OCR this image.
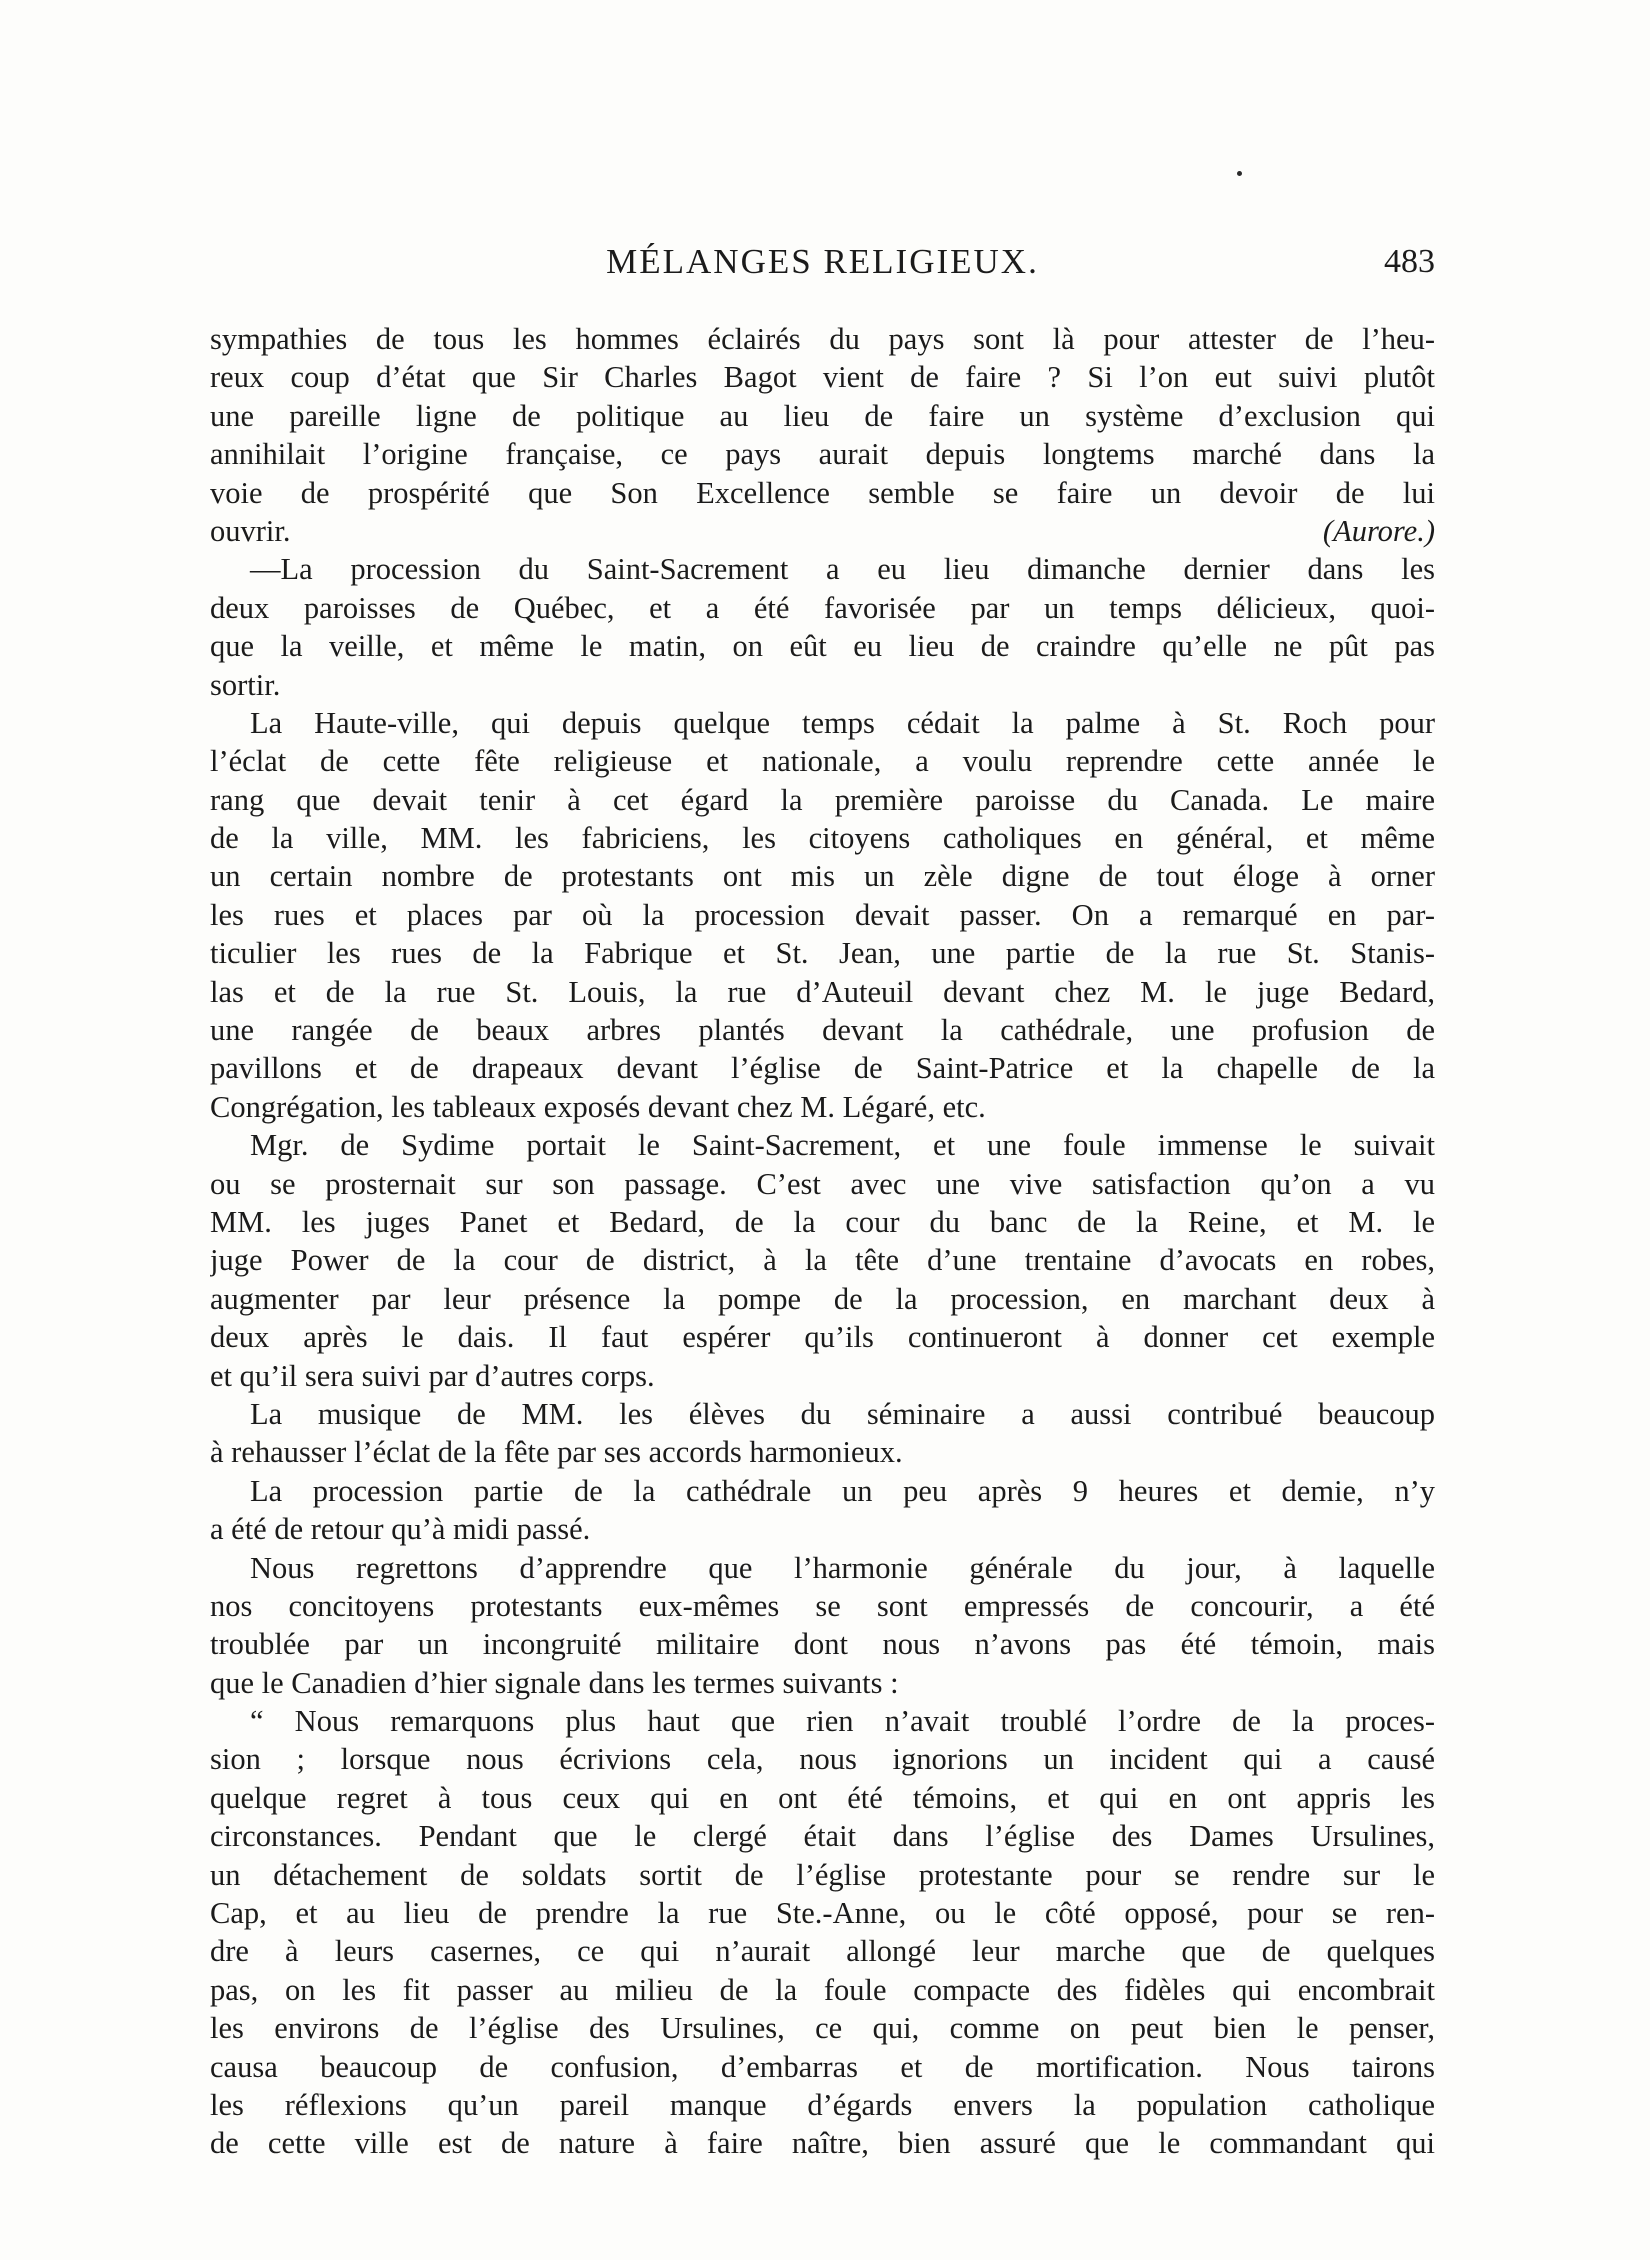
MÉLANGES RELIGIEUX.	483
sympathies de tous les hommes éclairés du pays sont là pour attester de l’heu-
reux coup d’état que Sir Charles Bagot vient de faire ? Si l’on eut suivi plutôt
une pareille ligne de politique au lieu de faire un système d’exclusion qui
annihilait l’origine française, ce pays aurait depuis longtems marché dans la
voie de prospérité que Son Excellence semble se faire un devoir de lui
ouvrir.	(Aurore.)
—La procession du Saint-Sacrement a eu lieu dimanche dernier dans les
deux paroisses de Québec, et a été favorisée par un temps délicieux, quoi-
que la veille, et même le matin, on eût eu lieu de craindre qu’elle ne pût pas
sortir.
La Haute-ville, qui depuis quelque temps cédait la palme à St. Roch pour
l’éclat de cette fête religieuse et nationale, a voulu reprendre cette année le
rang que devait tenir à cet égard la première paroisse du Canada. Le maire
de la ville, MM. les fabriciens, les citoyens catholiques en général, et même
un certain nombre de protestants ont mis un zèle digne de tout éloge à orner
les rues et places par où la procession devait passer. On a remarqué en par-
ticulier les rues de la Fabrique et St. Jean, une partie de la rue St. Stanis-
las et de la rue St. Louis, la rue d’Auteuil devant chez M. le juge Bedard,
une rangée de beaux arbres plantés devant la cathédrale, une profusion de
pavillons et de drapeaux devant l’église de Saint-Patrice et la chapelle de la
Congrégation, les tableaux exposés devant chez M. Légaré, etc.
Mgr. de Sydime portait le Saint-Sacrement, et une foule immense le suivait
ou se prosternait sur son passage. C’est avec une vive satisfaction qu’on a vu
MM. les juges Panet et Bedard, de la cour du banc de la Reine, et M. le
juge Power de la cour de district, à la tête d’une trentaine d’avocats en robes,
augmenter par leur présence la pompe de la procession, en marchant deux à
deux après le dais. Il faut espérer qu’ils continueront à donner cet exemple
et qu’il sera suivi par d’autres corps.
La musique de MM. les élèves du séminaire a aussi contribué beaucoup
à rehausser l’éclat de la fête par ses accords harmonieux.
La procession partie de la cathédrale un peu après 9 heures et demie, n’y
a été de retour qu’à midi passé.
Nous regrettons d’apprendre que l’harmonie générale du jour, à laquelle
nos concitoyens protestants eux-mêmes se sont empressés de concourir, a été
troublée par un incongruité militaire dont nous n’avons pas été témoin, mais
que le Canadien d’hier signale dans les termes suivants :
“ Nous remarquons plus haut que rien n’avait troublé l’ordre de la proces-
sion ; lorsque nous écrivions cela, nous ignorions un incident qui a causé
quelque regret à tous ceux qui en ont été témoins, et qui en ont appris les
circonstances. Pendant que le clergé était dans l’église des Dames Ursulines,
un détachement de soldats sortit de l’église protestante pour se rendre sur le
Cap, et au lieu de prendre la rue Ste.-Anne, ou le côté opposé, pour se ren-
dre à leurs casernes, ce qui n’aurait allongé leur marche que de quelques
pas, on les fit passer au milieu de la foule compacte des fidèles qui encombrait
les environs de l’église des Ursulines, ce qui, comme on peut bien le penser,
causa beaucoup de confusion, d’embarras et de mortification. Nous tairons
les réflexions qu’un pareil manque d’égards envers la population catholique
de cette ville est de nature à faire naître, bien assuré que le commandant qui
